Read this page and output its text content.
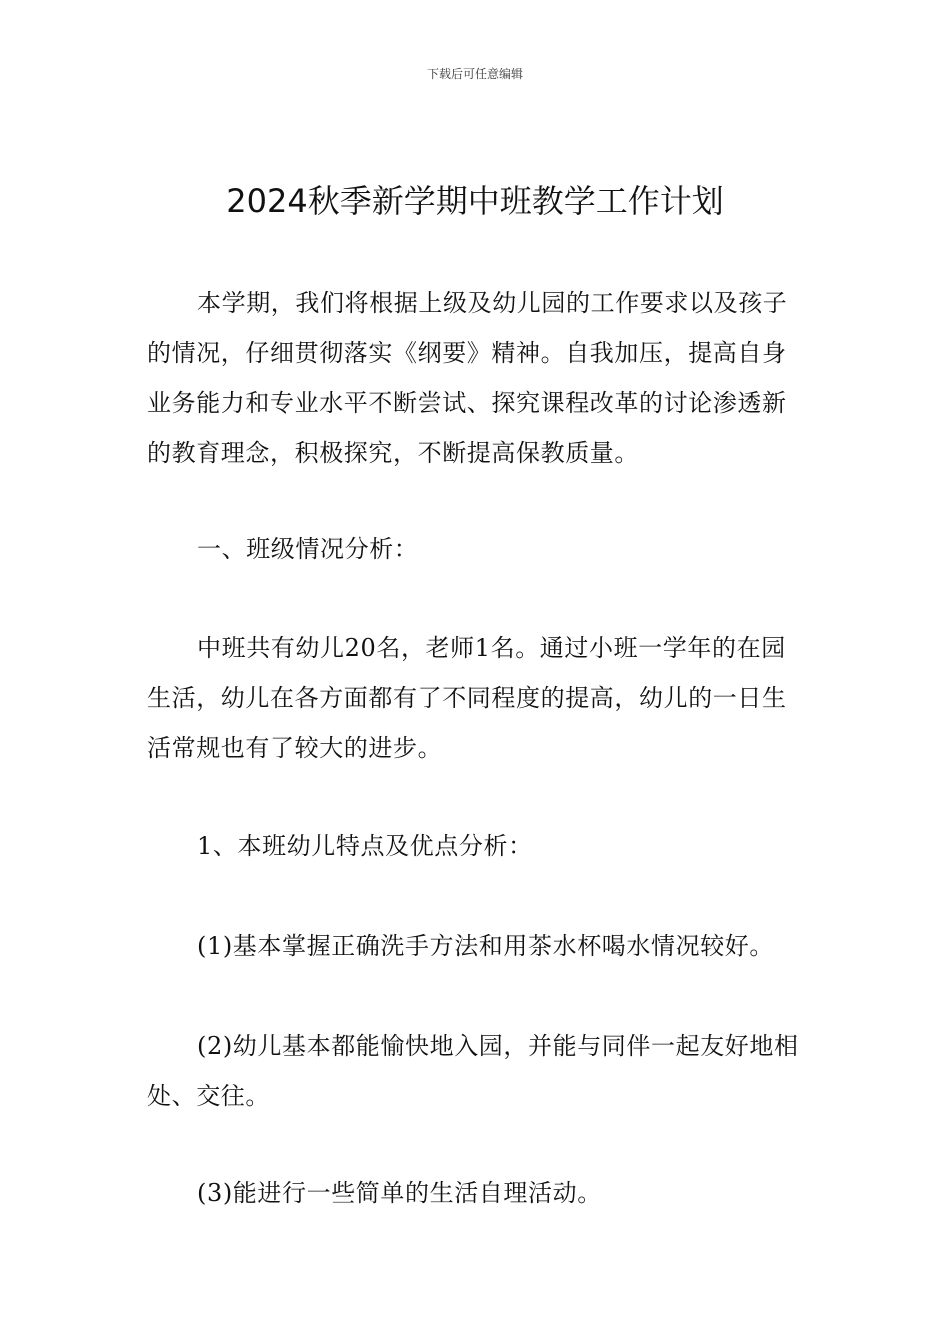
下载后可任意编辑
2024秋季新学期中班教学工作计划

本学期，我们将根据上级及幼儿园的工作要求以及孩子的情况，仔细贯彻落实《纲要》精神。自我加压，提高自身业务能力和专业水平不断尝试、探究课程改革的讨论渗透新的教育理念，积极探究，不断提高保教质量。

一、班级情况分析：

中班共有幼儿20名，老师1名。通过小班一学年的在园生活，幼儿在各方面都有了不同程度的提高，幼儿的一日生活常规也有了较大的进步。

1、本班幼儿特点及优点分析：

(1)基本掌握正确洗手方法和用茶水杯喝水情况较好。

(2)幼儿基本都能愉快地入园，并能与同伴一起友好地相处、交往。

(3)能进行一些简单的生活自理活动。
